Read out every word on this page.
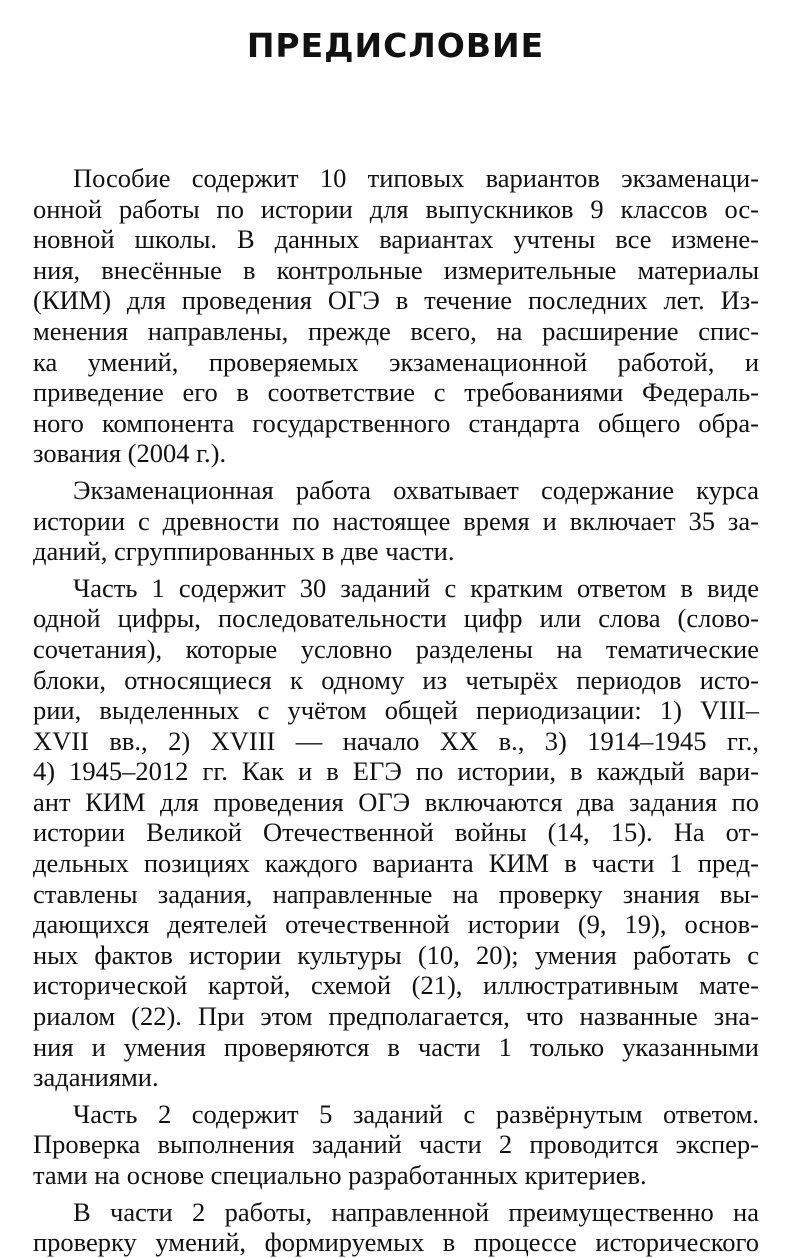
ПРЕДИСЛОВИЕ
Пособие содержит 10 типовых вариантов экзаменаци-
онной работы по истории для выпускников 9 классов ос-
новной школы. В данных вариантах учтены все измене-
ния, внесённые в контрольные измерительные материалы
(КИМ) для проведения ОГЭ в течение последних лет. Из-
менения направлены, прежде всего, на расширение спис-
ка умений, проверяемых экзаменационной работой, и
приведение его в соответствие с требованиями Федераль-
ного компонента государственного стандарта общего обра-
зования (2004 г.).
Экзаменационная работа охватывает содержание курса
истории с древности по настоящее время и включает 35 за-
даний, сгруппированных в две части.
Часть 1 содержит 30 заданий с кратким ответом в виде
одной цифры, последовательности цифр или слова (слово-
сочетания), которые условно разделены на тематические
блоки, относящиеся к одному из четырёх периодов исто-
рии, выделенных с учётом общей периодизации: 1) VIII–
XVII вв., 2) XVIII — начало XX в., 3) 1914–1945 гг.,
4) 1945–2012 гг. Как и в ЕГЭ по истории, в каждый вари-
ант КИМ для проведения ОГЭ включаются два задания по
истории Великой Отечественной войны (14, 15). На от-
дельных позициях каждого варианта КИМ в части 1 пред-
ставлены задания, направленные на проверку знания вы-
дающихся деятелей отечественной истории (9, 19), основ-
ных фактов истории культуры (10, 20); умения работать с
исторической картой, схемой (21), иллюстративным мате-
риалом (22). При этом предполагается, что названные зна-
ния и умения проверяются в части 1 только указанными
заданиями.
Часть 2 содержит 5 заданий с развёрнутым ответом.
Проверка выполнения заданий части 2 проводится экспер-
тами на основе специально разработанных критериев.
В части 2 работы, направленной преимущественно на
проверку умений, формируемых в процессе исторического
